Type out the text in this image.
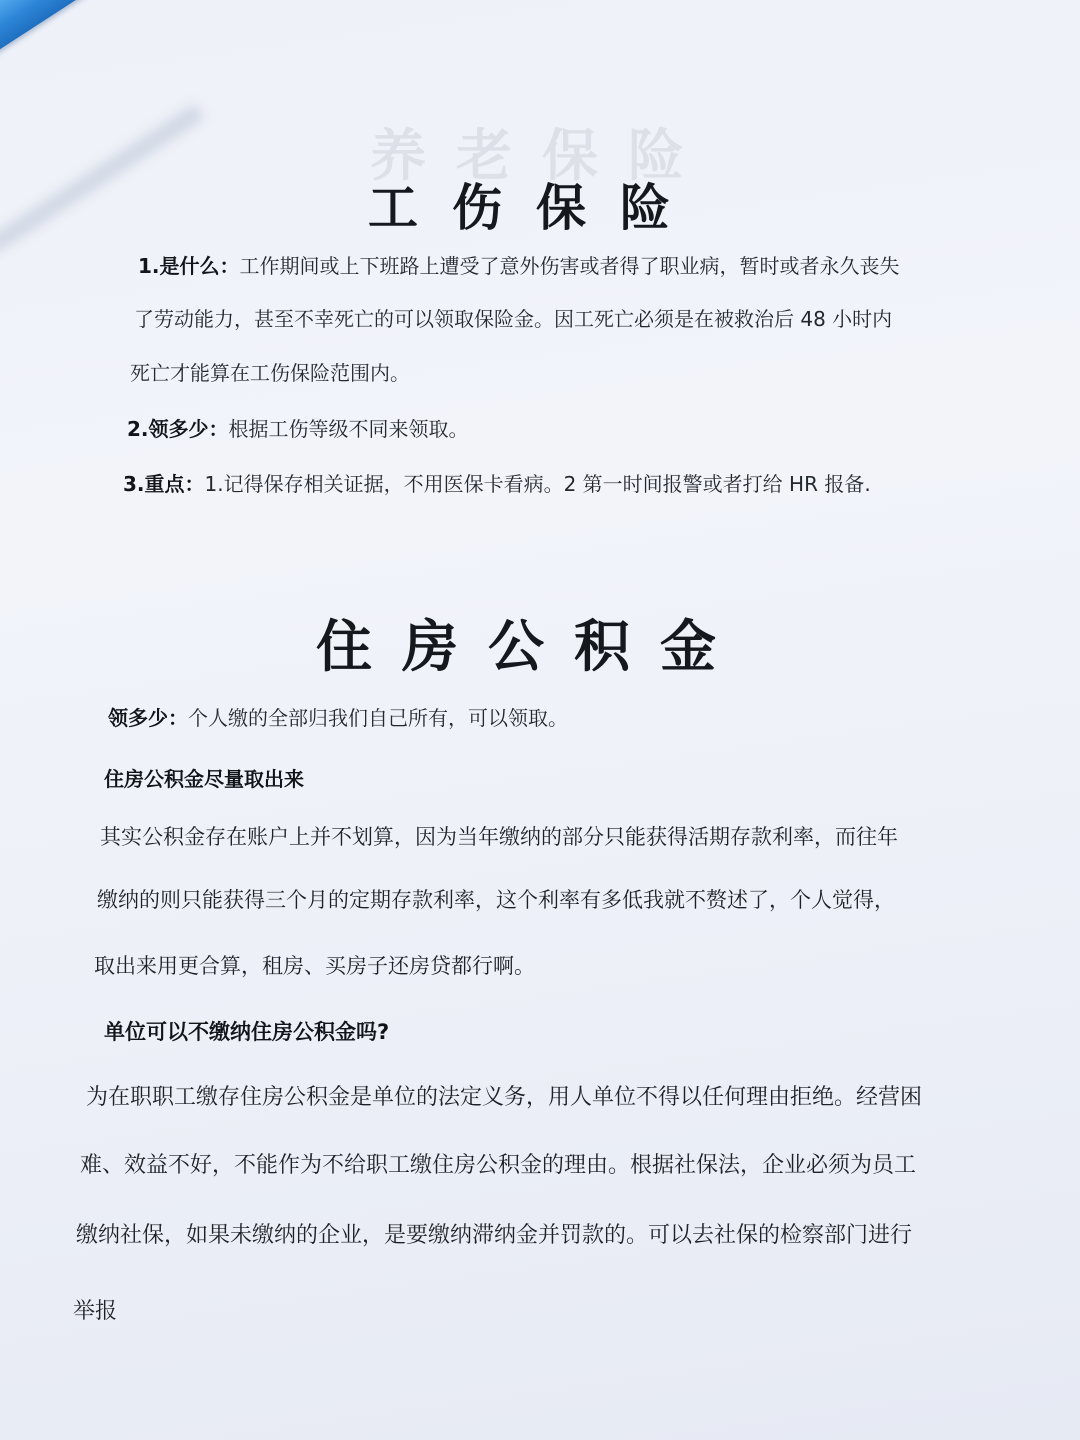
养老保险
工伤保险
1.是什么：工作期间或上下班路上遭受了意外伤害或者得了职业病，暂时或者永久丧失
了劳动能力，甚至不幸死亡的可以领取保险金。因工死亡必须是在被救治后 48 小时内
死亡才能算在工伤保险范围内。
2.领多少：根据工伤等级不同来领取。
3.重点：1.记得保存相关证据，不用医保卡看病。2 第一时间报警或者打给 HR 报备.
住房公积金
领多少：个人缴的全部归我们自己所有，可以领取。
住房公积金尽量取出来
其实公积金存在账户上并不划算，因为当年缴纳的部分只能获得活期存款利率，而往年
缴纳的则只能获得三个月的定期存款利率，这个利率有多低我就不赘述了，个人觉得，
取出来用更合算，租房、买房子还房贷都行啊。
单位可以不缴纳住房公积金吗?
为在职职工缴存住房公积金是单位的法定义务，用人单位不得以任何理由拒绝。经营困
难、效益不好，不能作为不给职工缴住房公积金的理由。根据社保法，企业必须为员工
缴纳社保，如果未缴纳的企业，是要缴纳滞纳金并罚款的。可以去社保的检察部门进行
举报
